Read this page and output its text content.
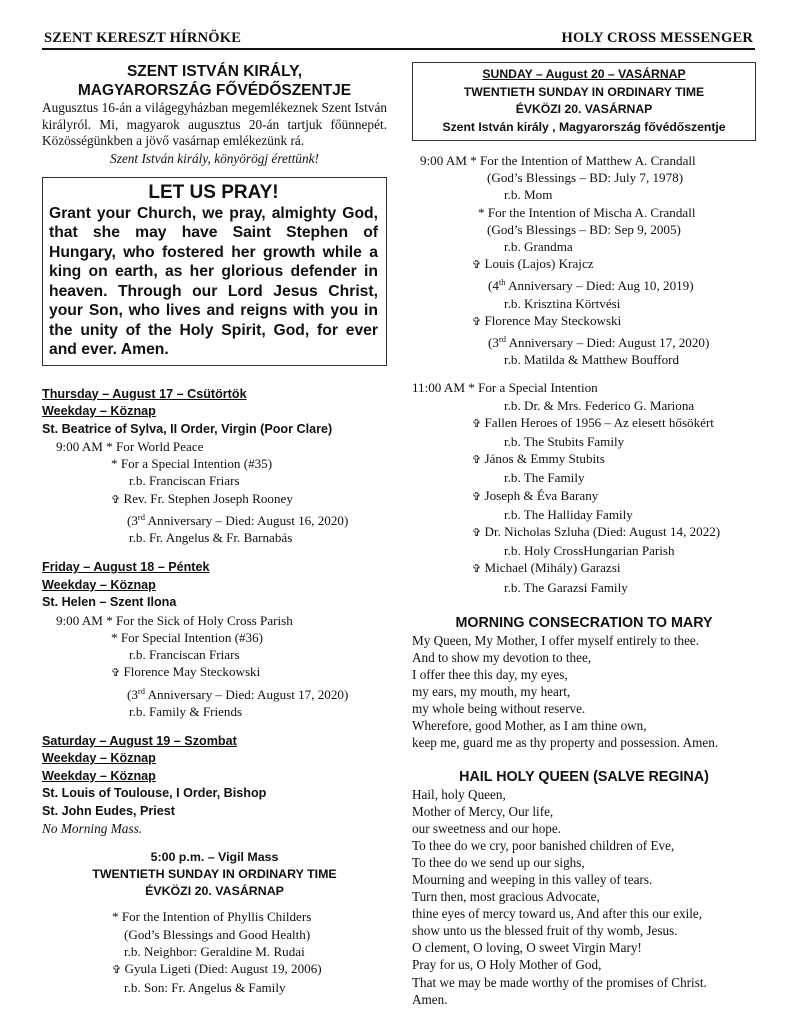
SZENT KERESZT HÍRNÖKE	HOLY CROSS MESSENGER
SZENT ISTVÁN KIRÁLY,
MAGYARORSZÁG FŐVÉDŐSZENTJE
Augusztus 16-án a világegyházban megemlékeznek Szent István királyról. Mi, magyarok augusztus 20-án tartjuk főünnepét. Közösségünkben a jövő vasárnap emlékezünk rá.
Szent István király, könyörögj érettünk!
LET US PRAY!
Grant your Church, we pray, almighty God, that she may have Saint Stephen of Hungary, who fostered her growth while a king on earth, as her glorious defender in heaven. Through our Lord Jesus Christ, your Son, who lives and reigns with you in the unity of the Holy Spirit, God, for ever and ever. Amen.
Thursday – August 17 – Csütörtök
Weekday – Köznap
St. Beatrice of Sylva, II Order, Virgin (Poor Clare)
9:00 AM * For World Peace
* For a Special Intention (#35)
r.b. Franciscan Friars
✞ Rev. Fr. Stephen Joseph Rooney
(3rd Anniversary – Died: August 16, 2020)
r.b. Fr. Angelus & Fr. Barnabás
Friday – August 18 – Péntek
Weekday – Köznap
St. Helen – Szent Ilona
9:00 AM * For the Sick of Holy Cross Parish
* For Special Intention (#36)
r.b. Franciscan Friars
✞ Florence May Steckowski
(3rd Anniversary – Died: August 17, 2020)
r.b. Family & Friends
Saturday – August 19 – Szombat
Weekday – Köznap
Weekday – Köznap
St. Louis of Toulouse, I Order, Bishop
St. John Eudes, Priest
No Morning Mass.
5:00 p.m. – Vigil Mass
TWENTIETH SUNDAY IN ORDINARY TIME
ÉVKÖZI 20. VASÁRNAP
* For the Intention of Phyllis Childers
(God’s Blessings and Good Health)
r.b. Neighbor: Geraldine M. Rudai
✞ Gyula Ligeti (Died: August 19, 2006)
r.b. Son: Fr. Angelus & Family
SUNDAY – August 20 – VASÁRNAP
TWENTIETH SUNDAY IN ORDINARY TIME
ÉVKÖZI 20. VASÁRNAP
Szent István király , Magyarország fővédőszentje
9:00 AM * For the Intention of Matthew A. Crandall
(God’s Blessings – BD: July 7, 1978)
r.b. Mom
* For the Intention of Mischa A. Crandall
(God’s Blessings – BD: Sep 9, 2005)
r.b. Grandma
✞ Louis (Lajos) Krajcz
(4th Anniversary – Died: Aug 10, 2019)
r.b. Krisztina Körtvési
✞ Florence May Steckowski
(3rd Anniversary – Died: August 17, 2020)
r.b. Matilda & Matthew Boufford
11:00 AM * For a Special Intention
r.b. Dr. & Mrs. Federico G. Mariona
✞ Fallen Heroes of 1956 – Az elesett hősökért
r.b. The Stubits Family
✞ János & Emmy Stubits
r.b. The Family
✞ Joseph & Éva Barany
r.b. The Halliday Family
✞ Dr. Nicholas Szluha (Died: August 14, 2022)
r.b. Holy CrossHungarian Parish
✞ Michael (Mihály) Garazsi
r.b. The Garazsi Family
MORNING CONSECRATION TO MARY
My Queen, My Mother, I offer myself entirely to thee.
And to show my devotion to thee,
I offer thee this day, my eyes,
my ears, my mouth, my heart,
my whole being without reserve.
Wherefore, good Mother, as I am thine own,
keep me, guard me as thy property and possession. Amen.
HAIL HOLY QUEEN (SALVE REGINA)
Hail, holy Queen,
Mother of Mercy, Our life,
our sweetness and our hope.
To thee do we cry, poor banished children of Eve,
To thee do we send up our sighs,
Mourning and weeping in this valley of tears.
Turn then, most gracious Advocate,
thine eyes of mercy toward us, And after this our exile,
show unto us the blessed fruit of thy womb, Jesus.
O clement, O loving, O sweet Virgin Mary!
Pray for us, O Holy Mother of God,
That we may be made worthy of the promises of Christ.
Amen.
